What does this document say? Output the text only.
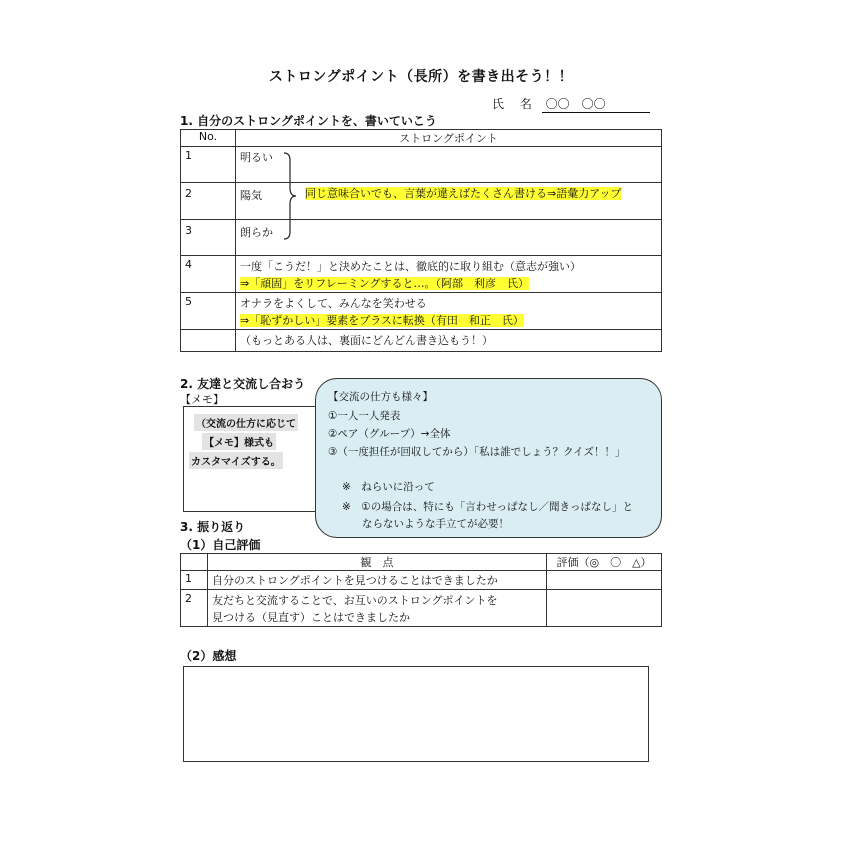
ストロングポイント（長所）を書き出そう！！
氏 名 〇〇　〇〇
1. 自分のストロングポイントを、書いていこう
No.	ストロングポイント
1	明るい
2	陽気
3	朗らか
4	一度「こうだ！」と決めたことは、徹底的に取り組む（意志が強い）
⇒「頑固」をリフレーミングすると…。（阿部　利彦　氏）

5	オナラをよくして、みんなを笑わせる
⇒「恥ずかしい」要素をプラスに転換（有田　和正　氏）

	（もっとある人は、裏面にどんどん書き込もう！）
同じ意味合いでも、言葉が違えばたくさん書ける⇒語彙力アップ
2. 友達と交流し合おう
【メモ】
（交流の仕方に応じて
【メモ】様式も
カスタマイズする。
【交流の仕方も様々】
①一人一人発表
②ペア（グループ）→全体
③（一度担任が回収してから）「私は誰でしょう？クイズ！！」
※　ねらいに沿って
※　①の場合は、特にも「言わせっぱなし／聞きっぱなし」と
ならないような手立てが必要！
3. 振り返り
（1）自己評価
	観　点	評価（◎　〇　△）
1	自分のストロングポイントを見つけることはできましたか	
2	友だちと交流することで、お互いのストロングポイントを
見つける（見直す）ことはできましたか	

（2）感想
